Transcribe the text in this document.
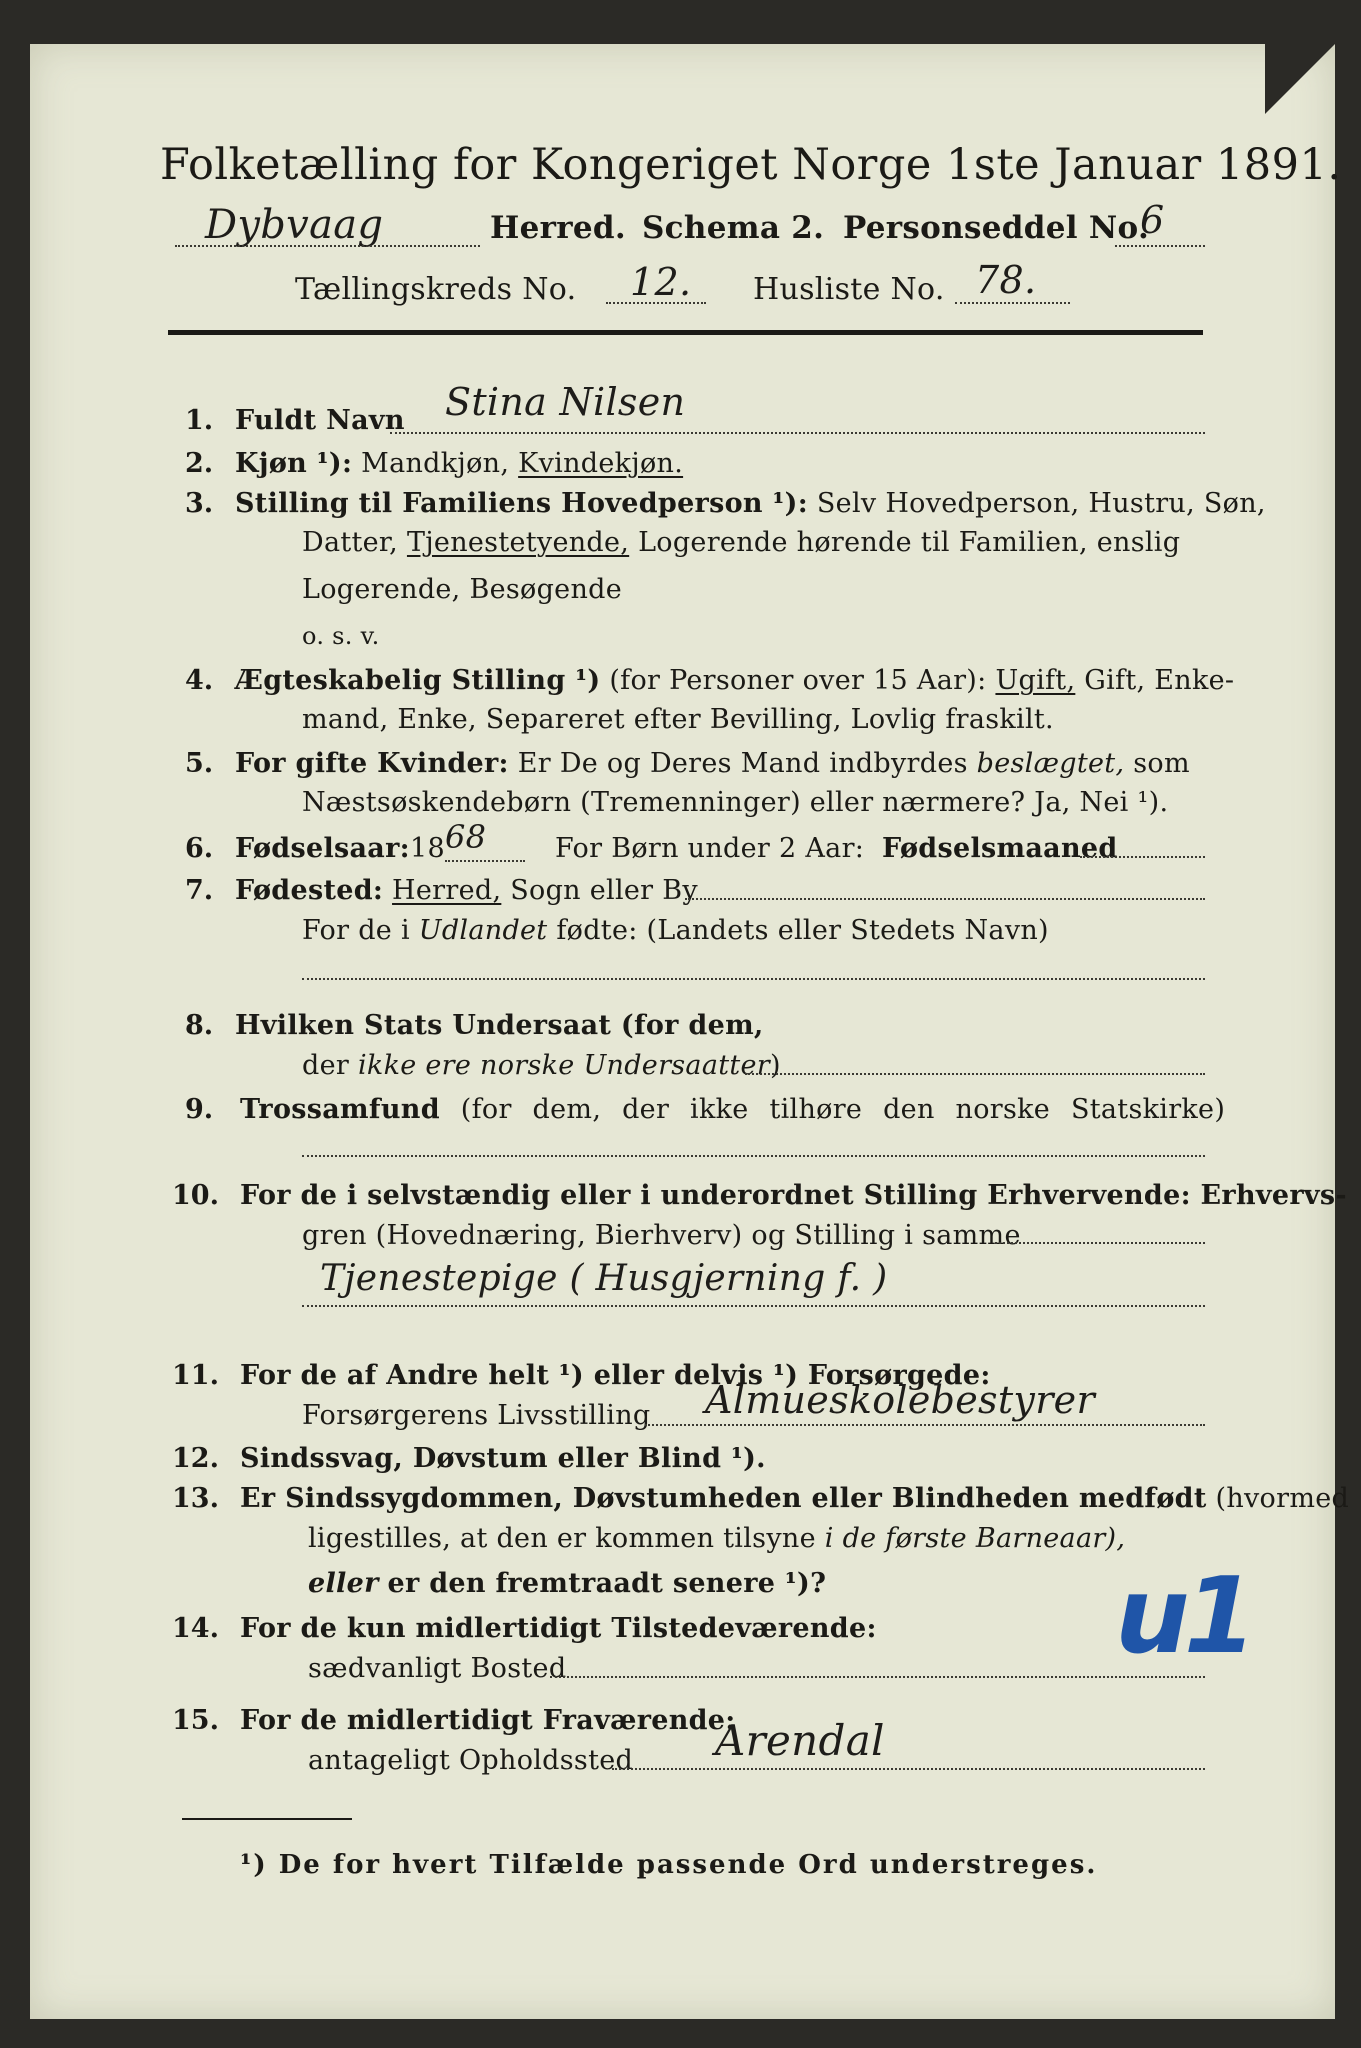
Folketælling for Kongeriget Norge 1ste Januar 1891.
Dybvaag	Herred. Schema 2. Personseddel No.
6
Tællingskreds No. 12. Husliste No. 78.
1. Fuldt Navn Stina Nilsen
2. Kjøn ¹): Mandkjøn, Kvindekjøn.
3. Stilling til Familiens Hovedperson ¹): Selv Hovedperson, Hustru, Søn,
Datter, Tjenestetyende, Logerende hørende til Familien, enslig
Logerende, Besøgende
o. s. v.
4. Ægteskabelig Stilling ¹) (for Personer over 15 Aar): Ugift, Gift, Enke-
mand, Enke, Separeret efter Bevilling, Lovlig fraskilt.
5. For gifte Kvinder: Er De og Deres Mand indbyrdes beslægtet, som
Næstsøskendebørn (Tremenninger) eller nærmere? Ja, Nei ¹).
6. Fødselsaar: 18 68	For Børn under 2 Aar: Fødselsmaaned
7. Fødested: Herred, Sogn eller By
For de i Udlandet fødte: (Landets eller Stedets Navn)
8. Hvilken Stats Undersaat (for dem,
der ikke ere norske Undersaatter)
9. Trossamfund (for dem, der ikke tilhøre den norske Statskirke)
10. For de i selvstændig eller i underordnet Stilling Erhvervende: Erhvervs-
gren (Hovednæring, Bierhverv) og Stilling i samme
Tjenestepige ( Husgjerning f. )
11. For de af Andre helt ¹) eller delvis ¹) Forsørgede:
Forsørgerens Livsstilling Almueskolebestyrer
12. Sindssvag, Døvstum eller Blind ¹).
13. Er Sindssygdommen, Døvstumheden eller Blindheden medfødt (hvormed
ligestilles, at den er kommen tilsyne i de første Barneaar),
eller er den fremtraadt senere ¹)?
14. For de kun midlertidigt Tilstedeværende:
sædvanligt Bosted	u1
15. For de midlertidigt Fraværende:
antageligt Opholdssted Arendal
¹) De for hvert Tilfælde passende Ord understreges.
